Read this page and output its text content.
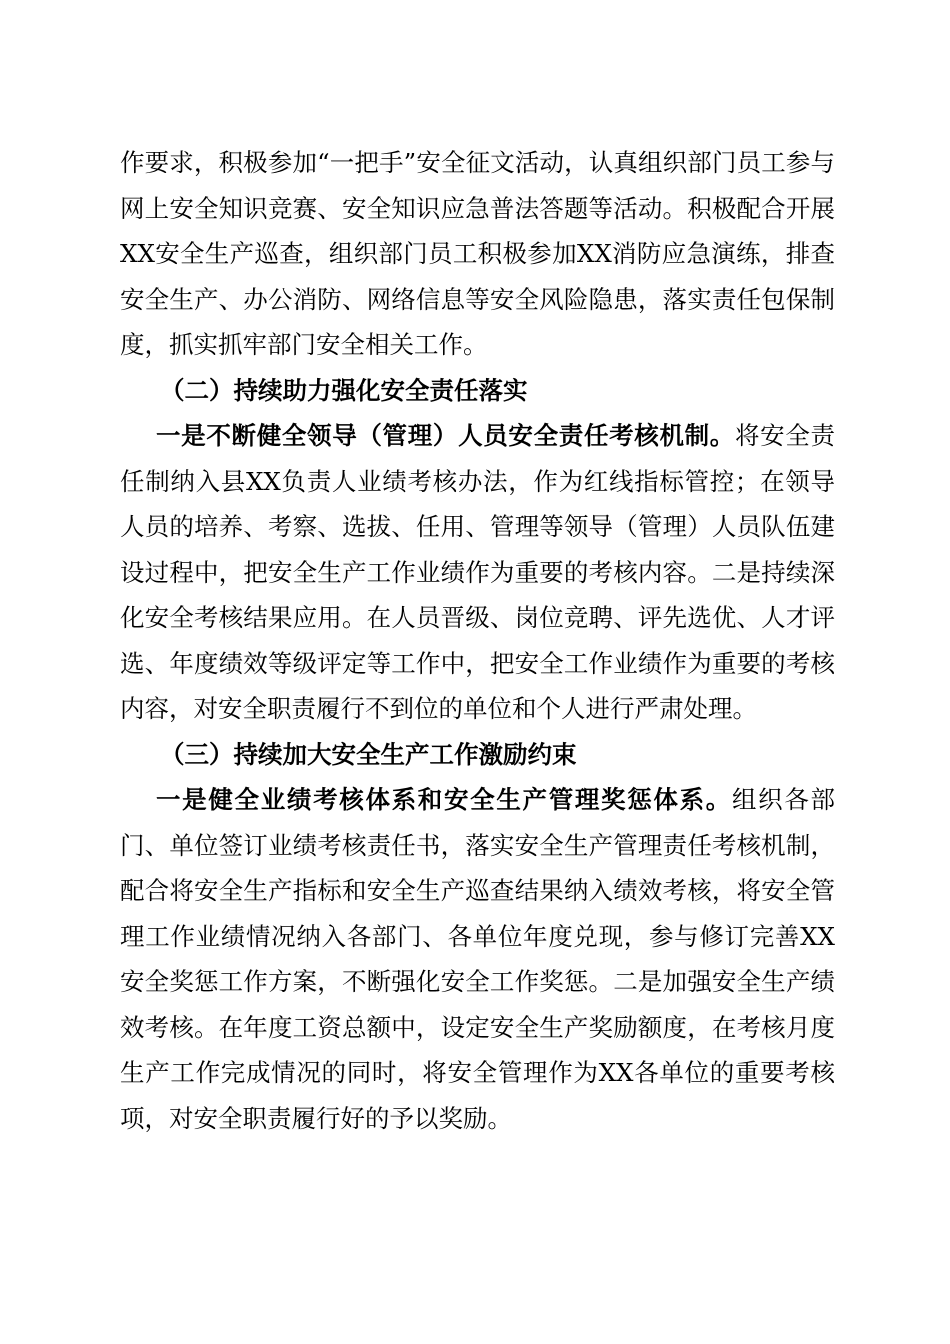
作要求，积极参加“一把手”安全征文活动，认真组织部门员工参与网上安全知识竞赛、安全知识应急普法答题等活动。积极配合开展XX安全生产巡查，组织部门员工积极参加XX消防应急演练，排查安全生产、办公消防、网络信息等安全风险隐患，落实责任包保制度，抓实抓牢部门安全相关工作。

（二）持续助力强化安全责任落实

一是不断健全领导（管理）人员安全责任考核机制。将安全责任制纳入县XX负责人业绩考核办法，作为红线指标管控；在领导人员的培养、考察、选拔、任用、管理等领导（管理）人员队伍建设过程中，把安全生产工作业绩作为重要的考核内容。二是持续深化安全考核结果应用。在人员晋级、岗位竞聘、评先选优、人才评选、年度绩效等级评定等工作中，把安全工作业绩作为重要的考核内容，对安全职责履行不到位的单位和个人进行严肃处理。

（三）持续加大安全生产工作激励约束

一是健全业绩考核体系和安全生产管理奖惩体系。组织各部门、单位签订业绩考核责任书，落实安全生产管理责任考核机制，配合将安全生产指标和安全生产巡查结果纳入绩效考核，将安全管理工作业绩情况纳入各部门、各单位年度兑现，参与修订完善XX安全奖惩工作方案，不断强化安全工作奖惩。二是加强安全生产绩效考核。在年度工资总额中，设定安全生产奖励额度，在考核月度生产工作完成情况的同时，将安全管理作为XX各单位的重要考核项，对安全职责履行好的予以奖励。
